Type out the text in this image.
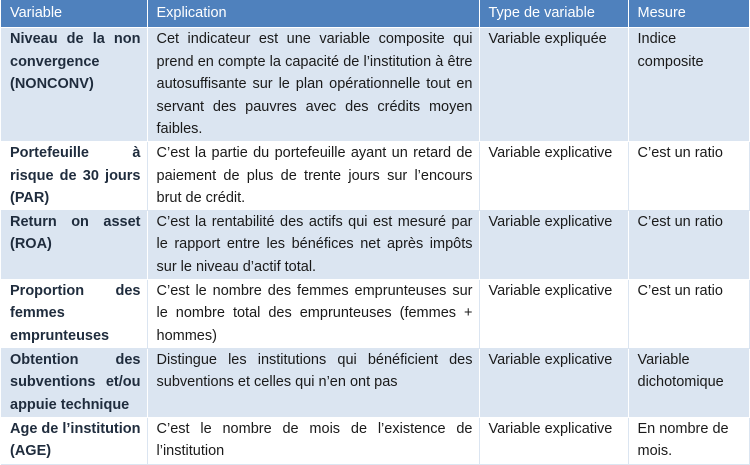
Variable	Explication	Type de variable	Mesure
Niveau de la non convergence (NONCONV)	Cet indicateur est une variable composite qui prend en compte la capacité de l’institution à être autosuffisante sur le plan opérationnelle tout en servant des pauvres avec des crédits moyen faibles.	Variable expliquée	Indice composite
Portefeuille à risque de 30 jours (PAR)	C’est la partie du portefeuille ayant un retard de paiement de plus de trente jours sur l’encours brut de crédit.	Variable explicative	C’est un ratio
Return on asset (ROA)	C’est la rentabilité des actifs qui est mesuré par le rapport entre les bénéfices net après impôts sur le niveau d’actif total.	Variable explicative	C’est un ratio
Proportion des femmes emprunteuses	C’est le nombre des femmes emprunteuses sur le nombre total des emprunteuses (femmes + hommes)	Variable explicative	C’est un ratio
Obtention des subventions et/ou appuie technique	Distingue les institutions qui bénéficient des subventions et celles qui n’en ont pas	Variable explicative	Variable dichotomique
Age de l’institution (AGE)	C’est le nombre de mois de l’existence de l’institution	Variable explicative	En nombre de mois.
